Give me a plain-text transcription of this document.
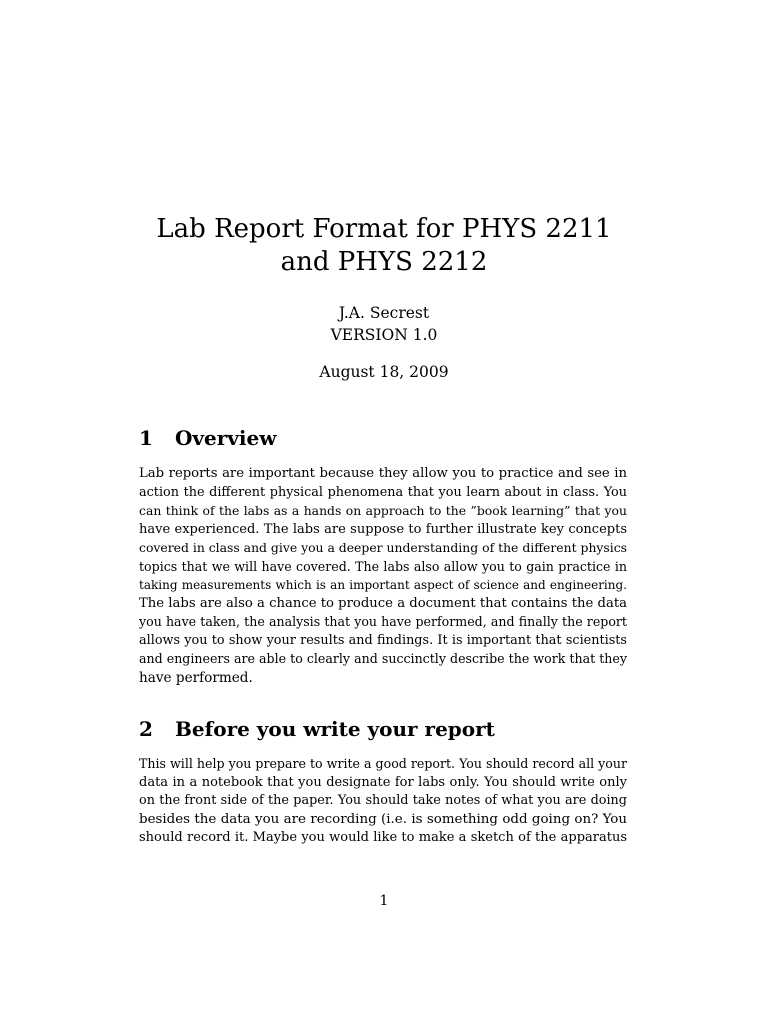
Lab Report Format for PHYS 2211
and PHYS 2212
J.A. Secrest
VERSION 1.0
August 18, 2009
1 Overview
Lab reports are important because they allow you to practice and see in
action the different physical phenomena that you learn about in class. You
can think of the labs as a hands on approach to the ”book learning” that you
have experienced. The labs are suppose to further illustrate key concepts
covered in class and give you a deeper understanding of the different physics
topics that we will have covered. The labs also allow you to gain practice in
taking measurements which is an important aspect of science and engineering.
The labs are also a chance to produce a document that contains the data
you have taken, the analysis that you have performed, and finally the report
allows you to show your results and findings. It is important that scientists
and engineers are able to clearly and succinctly describe the work that they
have performed.
2 Before you write your report
This will help you prepare to write a good report. You should record all your
data in a notebook that you designate for labs only. You should write only
on the front side of the paper. You should take notes of what you are doing
besides the data you are recording (i.e. is something odd going on? You
should record it. Maybe you would like to make a sketch of the apparatus
1
